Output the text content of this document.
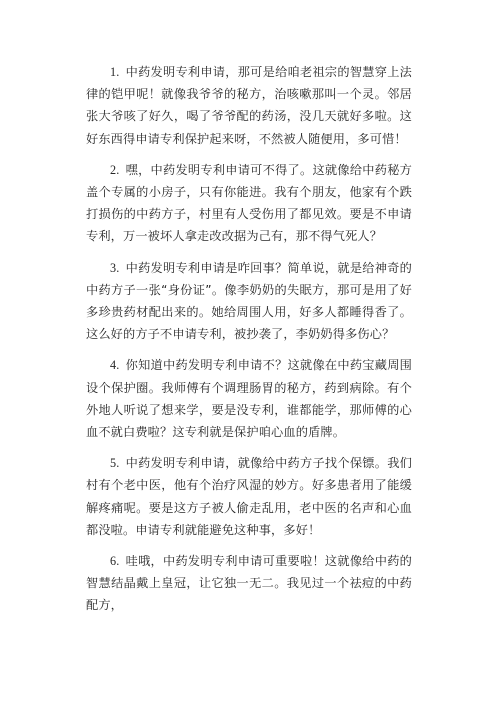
1. 中药发明专利申请，那可是给咱老祖宗的智慧穿上法律的铠甲呢！就像我爷爷的秘方，治咳嗽那叫一个灵。邻居张大爷咳了好久，喝了爷爷配的药汤，没几天就好多啦。这好东西得申请专利保护起来呀，不然被人随便用，多可惜！

2. 嘿，中药发明专利申请可不得了。这就像给中药秘方盖个专属的小房子，只有你能进。我有个朋友，他家有个跌打损伤的中药方子，村里有人受伤用了都见效。要是不申请专利，万一被坏人拿走改改据为己有，那不得气死人？

3. 中药发明专利申请是咋回事？简单说，就是给神奇的中药方子一张“身份证”。像李奶奶的失眠方，那可是用了好多珍贵药材配出来的。她给周围人用，好多人都睡得香了。这么好的方子不申请专利，被抄袭了，李奶奶得多伤心？

4. 你知道中药发明专利申请不？这就像在中药宝藏周围设个保护圈。我师傅有个调理肠胃的秘方，药到病除。有个外地人听说了想来学，要是没专利，谁都能学，那师傅的心血不就白费啦？这专利就是保护咱心血的盾牌。

5. 中药发明专利申请，就像给中药方子找个保镖。我们村有个老中医，他有个治疗风湿的妙方。好多患者用了能缓解疼痛呢。要是这方子被人偷走乱用，老中医的名声和心血都没啦。申请专利就能避免这种事，多好！

6. 哇哦，中药发明专利申请可重要啦！这就像给中药的智慧结晶戴上皇冠，让它独一无二。我见过一个祛痘的中药配方，
